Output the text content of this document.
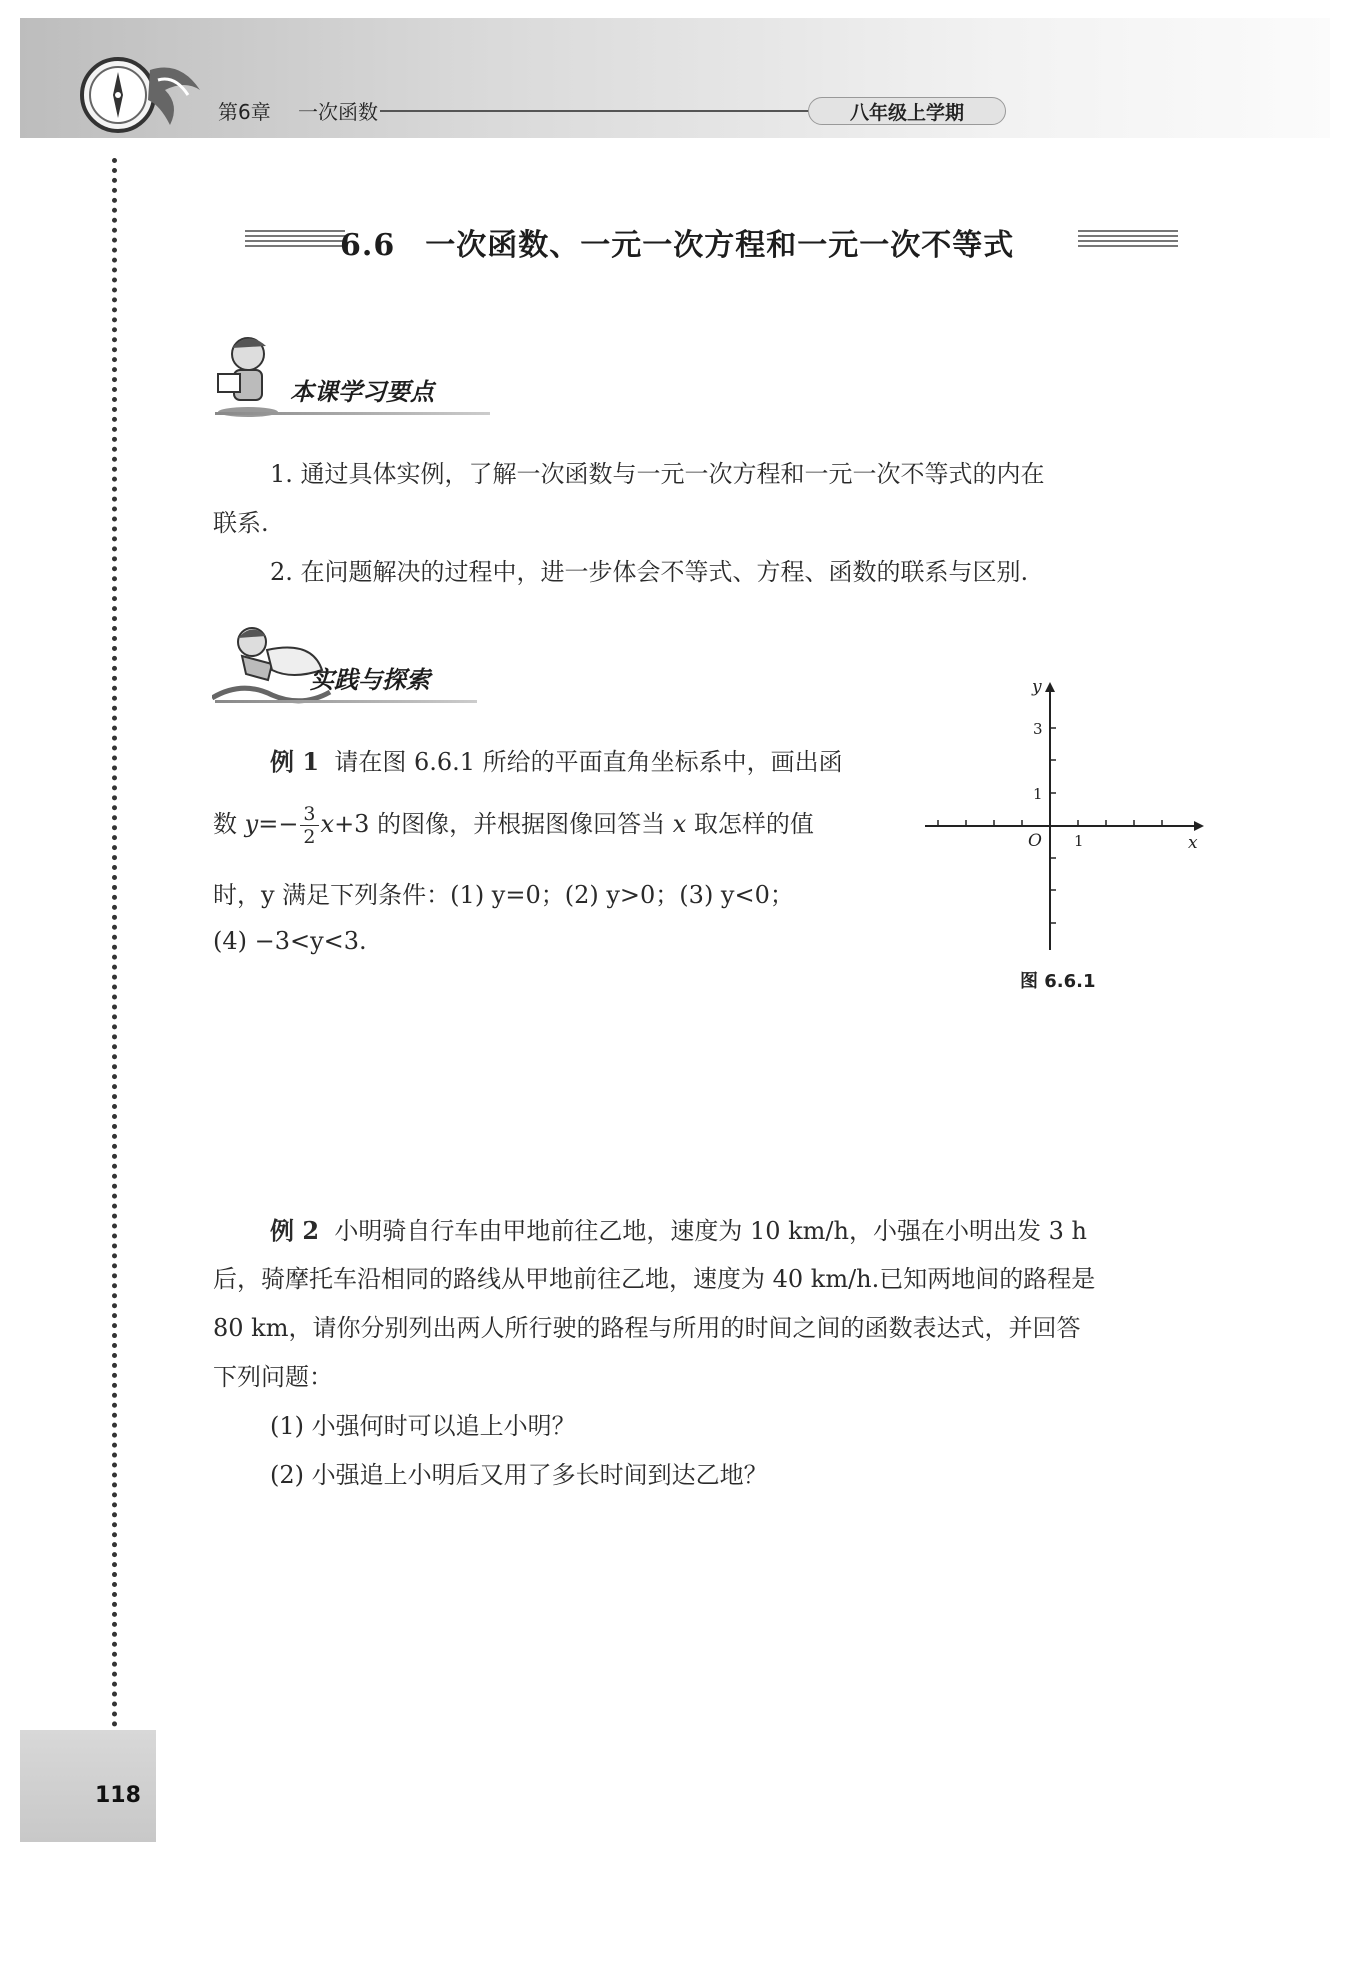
第6章 一次函数	八年级上学期
6.6 一次函数、一元一次方程和一元一次不等式
本课学习要点
1. 通过具体实例，了解一次函数与一元一次方程和一元一次不等式的内在
联系.
2. 在问题解决的过程中，进一步体会不等式、方程、函数的联系与区别.
实践与探索
例 1 请在图 6.6.1 所给的平面直角坐标系中，画出函
数 $y=- \frac{3}{2} x+3$ 的图像，并根据图像回答当 x 取怎样的值
时，y 满足下列条件：(1) y=0；(2) y>0；(3) y<0；
(4) −3<y<3.
y
x
O
3
1
1
图 6.6.1
例 2 小明骑自行车由甲地前往乙地，速度为 10 km/h，小强在小明出发 3 h
后，骑摩托车沿相同的路线从甲地前往乙地，速度为 40 km/h.已知两地间的路程是
80 km，请你分别列出两人所行驶的路程与所用的时间之间的函数表达式，并回答
下列问题：
(1) 小强何时可以追上小明？
(2) 小强追上小明后又用了多长时间到达乙地？
118
